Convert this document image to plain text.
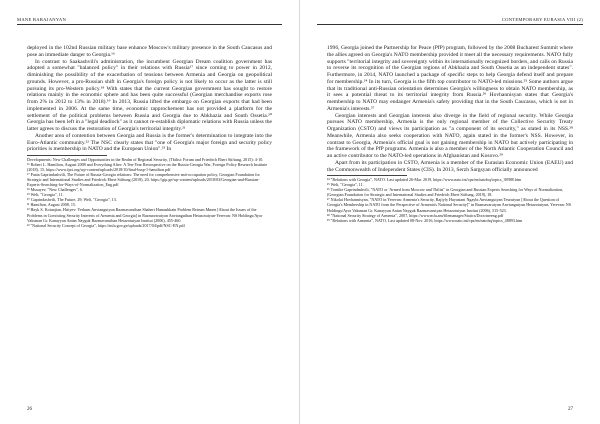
MANE BABAJANYAN

deployed in the 102nd Russian military base enhance Moscow's military presence in the South Caucasus and pose an immediate danger to Georgia.¹⁶

In contrast to Saakashvili's administration, the incumbent Georgian Dream coalition government has adopted a somewhat "balanced policy" in their relations with Russia¹⁷ since coming to power in 2012, diminishing the possibility of the exacerbation of tensions between Armenia and Georgia on geopolitical grounds. However, a pro-Russian shift in Georgia's foreign policy is not likely to occur as the latter is still pursuing its pro-Western policy.¹⁸ With states that the current Georgian government has sought to restore relations mainly in the economic sphere and has been quite successful (Georgian merchandise exports rose from 2% in 2012 to 13% in 2018).¹⁹ In 2013, Russia lifted the embargo on Georgian exports that had been implemented in 2006. At the same time, economic rapprochement has not provided a platform for the settlement of the political problems between Russia and Georgia due to Abkhazia and South Ossetia.²⁰ Georgia has been left in a "legal deadlock" as it cannot re-establish diplomatic relations with Russia unless the latter agrees to discuss the restoration of Georgia's territorial integrity.²¹

Another area of contention between Georgia and Russia is the former's determination to integrate into the Euro-Atlantic community.²² The NSC clearly states that "one of Georgia's major foreign and security policy priorities is membership in NATO and the European Union".²³ In

Developments: New Challenges and Opportunities in the Realm of Regional Security, (Tbilisi: Forum and Friedrich Ebert Stiftung, 2015): 4-10.
¹⁶ Robert L. Hamilton, August 2008 and Everything After: A Ten-Year Retrospective on the Russia-Georgia War, Foreign Policy Research Institute (2018), 15, https://www.fpri.org/wp-content/uploads/2018/10/final-bssp-1-hamilton.pdf
¹⁷ Paata Gaprindashvili, The Future of Russia-Georgia relations: The need for comprehensive anti-occupation policy, Georgian Foundation for Strategic and International Studies and Friedrich Ebert Stiftung (2018), 20, https://gip.ge/wp-content/uploads/2018/03/Georgian-and-Russian-Experts-Searching-for-Ways-of-Normalization_Eng.pdf
¹⁸ Musayev, "New Challenges", 6.
¹⁹ Welt, "Georgia", 11.
²⁰ Gaprindashvili, The Future, 29; Welt, "Georgia", 13.
²¹ Hamilton, August 2008, 15.
²² Hayk S. Kotanjian, Hrityev: Yerkum Anvtangutyun Razmavaruthan Shaheri Hamashkain Problem Retrum Mmen [About the Issues of the Problems in Coexisting Security Interests of Armenia and Georgia] in Razmavarutyan Anvtanguthan Hetazotutyun-Yerevan: NS Holdings/Ayor Vaksman Gr. Kanayyan Antan Nayguk Razmavaruthan Hetazotutyan Institut (2006), 455-460.
²³ "National Security Concept of Georgia", https://mfa.gov.ge/uploads/2017/04/pdf/NSC-EN.pdf
26
CONTEMPORARY EURASIA VIII (2)

1996, Georgia joined the Partnership for Peace (PfP) program, followed by the 2008 Bucharest Summit where the allies agreed on Georgia's NATO membership provided it meet all the necessary requirements. NATO fully supports "territorial integrity and sovereignty within its internationally recognized borders, and calls on Russia to reverse its recognition of the Georgian regions of Abkhazia and South Ossetia as an independent states". Furthermore, in 2014, NATO launched a package of specific steps to help Georgia defend itself and prepare for membership.²⁴ In its turn, Georgia is the fifth top contributor to NATO-led missions.²⁵ Some authors argue that its traditional anti-Russian orientation determines Georgia's willingness to obtain NATO membership, as it sees a potential threat to its territorial integrity from Russia.²⁶ Hovhannisyan states that Georgia's membership to NATO may endanger Armenia's safety providing that in the South Caucasus, which is not in Armenia's interests.²⁷

Georgian interests and Georgian interests also diverge in the field of regional security. While Georgia pursues NATO membership, Armenia is the only regional member of the Collective Security Treaty Organization (CSTO) and views its participation as "a component of its security," as stated in its NSS.²⁸ Meanwhile, Armenia also seeks cooperation with NATO, again stated in the former's NSS. However, in contrast to Georgia, Armenia's official goal is not gaining membership in NATO but actively participating in the framework of the PfP programs. Armenia is also a member of the North Atlantic Cooperation Council and an active contributor to the NATO-led operations in Afghanistan and Kosovo.²⁹

Apart from its participation in CSTO, Armenia is a member of the Eurasian Economic Union (EAEU) and the Commonwealth of Independent States (CIS). In 2013, Serzh Sargsyan officially announced

²⁴ "Relations with Georgia", NATO. Last updated 26-Mar. 2019, https://www.nato.int/cps/en/natohq/topics_38988.htm
²⁵ Welt, "Georgia", 11.
²⁶ Tornike Gaprindashvili, "NATO or 'Armed from Moscow and Tbilisi" in Georgian and Russian Experts Searching for Ways of Normalization, (Georgian Foundation for Strategic and International Studies and Friedrich Ebert Stiftung, 2019), 18.
²⁷ Nikolai Hovhannisyan, "NATO in Yerevan: Armenia's Security, Rajiyfy Hayastani Ngaybi Anvtangutyan Teurutyun [About the Question of Georgia's Membership in NATO from the Perspective of Armenia's National Security]" in Razmavarutyun Anvtangutyun Hetazotutyun, Yerevan: NS Holdings/Ayor Vaksman Gr. Kanayyan Antan Nayguk Razmavarutyan Hetazotutyun Institut (2006), 515-523.
²⁸ "National Security Strategy of Armenia", 2007, https://www.mfa.am/filemanager/Statics/Doctrineeng.pdf
²⁹ "Relations with Armenia", NATO, Last updated 08-Nov. 2016, https://www.nato.int/cps/en/natohq/topics_48893.htm
27
